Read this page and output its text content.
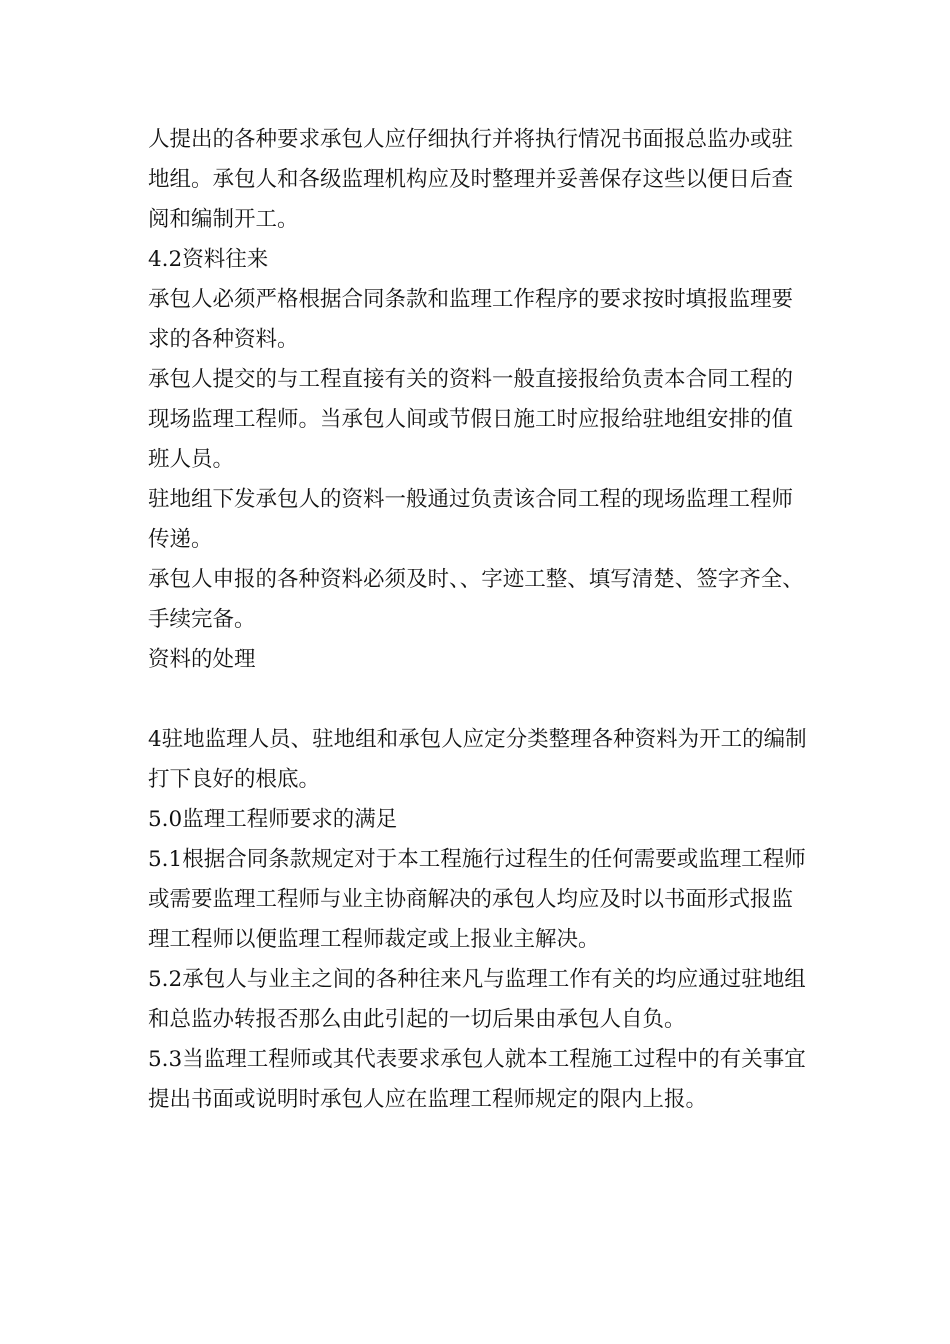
人提出的各种要求承包人应仔细执行并将执行情况书面报总监办或驻地组。承包人和各级监理机构应及时整理并妥善保存这些以便日后查阅和编制开工。

4.2资料往来

承包人必须严格根据合同条款和监理工作程序的要求按时填报监理要求的各种资料。

承包人提交的与工程直接有关的资料一般直接报给负责本合同工程的现场监理工程师。当承包人间或节假日施工时应报给驻地组安排的值班人员。

驻地组下发承包人的资料一般通过负责该合同工程的现场监理工程师传递。

承包人申报的各种资料必须及时、、字迹工整、填写清楚、签字齐全、手续完备。

资料的处理

4驻地监理人员、驻地组和承包人应定分类整理各种资料为开工的编制打下良好的根底。

5.0监理工程师要求的满足

5.1根据合同条款规定对于本工程施行过程生的任何需要或监理工程师或需要监理工程师与业主协商解决的承包人均应及时以书面形式报监理工程师以便监理工程师裁定或上报业主解决。

5.2承包人与业主之间的各种往来凡与监理工作有关的均应通过驻地组和总监办转报否那么由此引起的一切后果由承包人自负。

5.3当监理工程师或其代表要求承包人就本工程施工过程中的有关事宜提出书面或说明时承包人应在监理工程师规定的限内上报。
